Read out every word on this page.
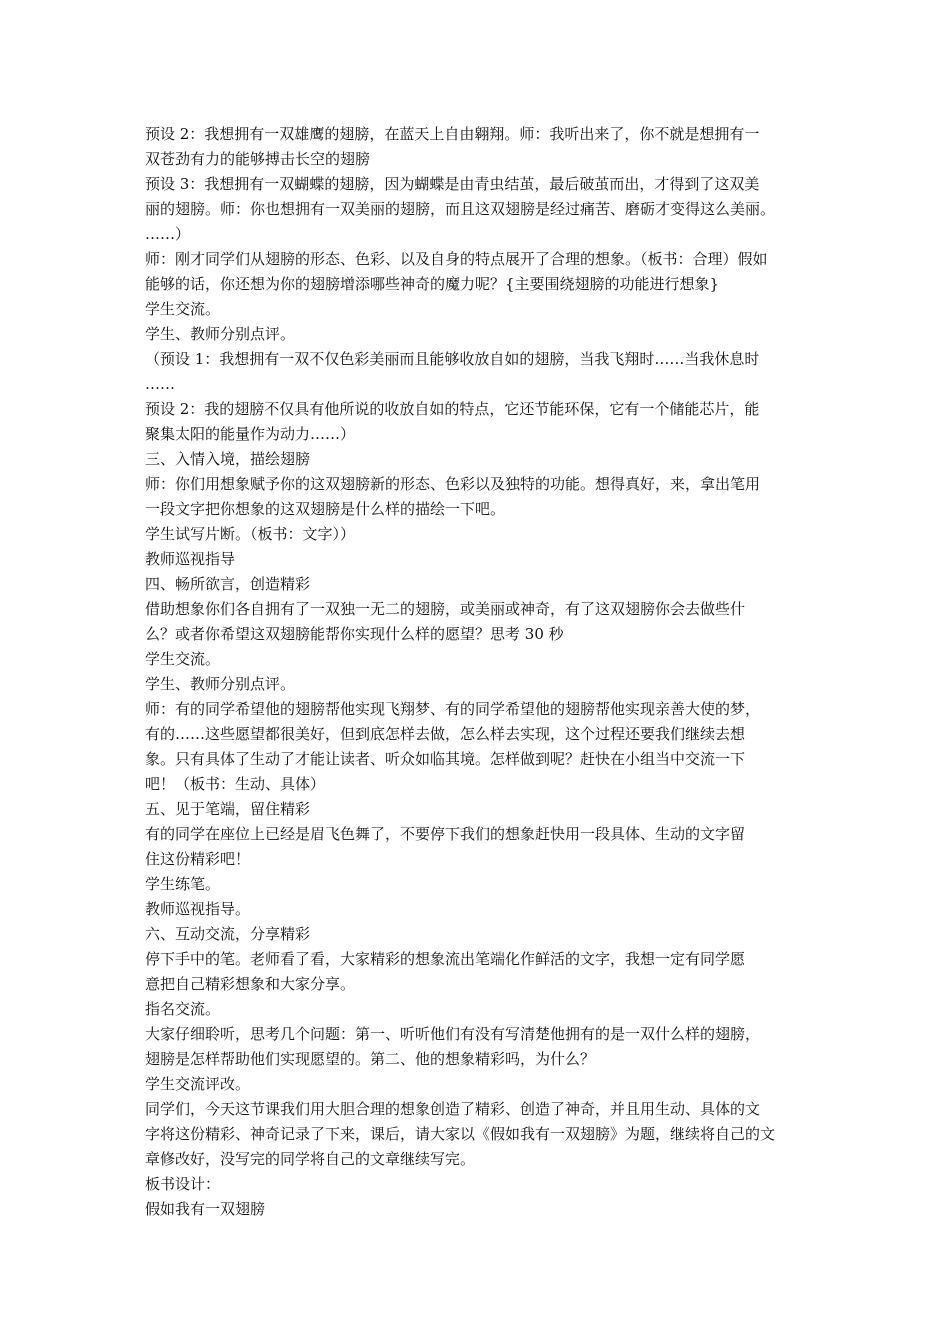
预设 2：我想拥有一双雄鹰的翅膀，在蓝天上自由翱翔。师：我听出来了，你不就是想拥有一
双苍劲有力的能够搏击长空的翅膀
预设 3：我想拥有一双蝴蝶的翅膀，因为蝴蝶是由青虫结茧，最后破茧而出，才得到了这双美
丽的翅膀。师：你也想拥有一双美丽的翅膀，而且这双翅膀是经过痛苦、磨砺才变得这么美丽。
……）
师：刚才同学们从翅膀的形态、色彩、以及自身的特点展开了合理的想象。（板书：合理）假如
能够的话，你还想为你的翅膀增添哪些神奇的魔力呢？{主要围绕翅膀的功能进行想象}
学生交流。
学生、教师分别点评。
（预设 1：我想拥有一双不仅色彩美丽而且能够收放自如的翅膀，当我飞翔时……当我休息时
……
预设 2：我的翅膀不仅具有他所说的收放自如的特点，它还节能环保，它有一个储能芯片，能
聚集太阳的能量作为动力……）
三、入情入境，描绘翅膀
师：你们用想象赋予你的这双翅膀新的形态、色彩以及独特的功能。想得真好，来，拿出笔用
一段文字把你想象的这双翅膀是什么样的描绘一下吧。
学生试写片断。（板书：文字））
教师巡视指导
四、畅所欲言，创造精彩
借助想象你们各自拥有了一双独一无二的翅膀，或美丽或神奇，有了这双翅膀你会去做些什
么？或者你希望这双翅膀能帮你实现什么样的愿望？思考 30 秒
学生交流。
学生、教师分别点评。
师：有的同学希望他的翅膀帮他实现飞翔梦、有的同学希望他的翅膀帮他实现亲善大使的梦，
有的……这些愿望都很美好，但到底怎样去做，怎么样去实现，这个过程还要我们继续去想
象。只有具体了生动了才能让读者、听众如临其境。怎样做到呢？赶快在小组当中交流一下
吧！（板书：生动、具体）
五、见于笔端，留住精彩
有的同学在座位上已经是眉飞色舞了，不要停下我们的想象赶快用一段具体、生动的文字留
住这份精彩吧！
学生练笔。
教师巡视指导。
六、互动交流，分享精彩
停下手中的笔。老师看了看，大家精彩的想象流出笔端化作鲜活的文字，我想一定有同学愿
意把自己精彩想象和大家分享。
指名交流。
大家仔细聆听，思考几个问题：第一、听听他们有没有写清楚他拥有的是一双什么样的翅膀，
翅膀是怎样帮助他们实现愿望的。第二、他的想象精彩吗，为什么？
学生交流评改。
同学们，今天这节课我们用大胆合理的想象创造了精彩、创造了神奇，并且用生动、具体的文
字将这份精彩、神奇记录了下来，课后，请大家以《假如我有一双翅膀》为题，继续将自己的文
章修改好，没写完的同学将自己的文章继续写完。
板书设计：
假如我有一双翅膀
